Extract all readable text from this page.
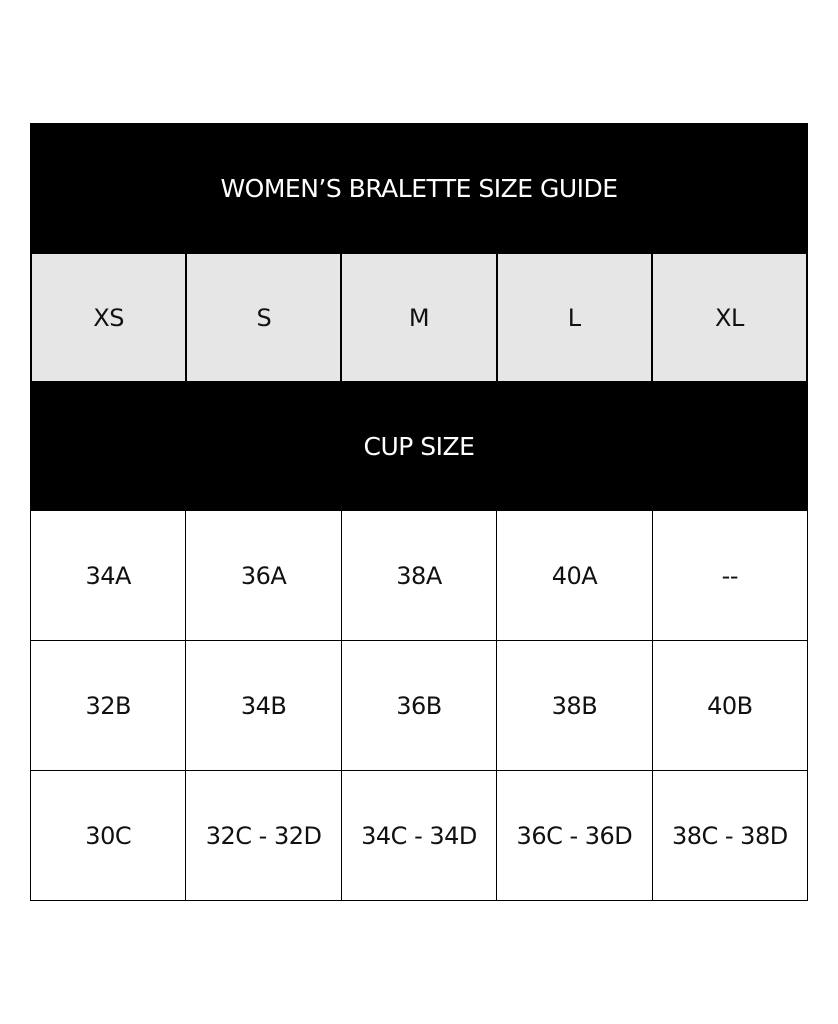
WOMEN’S BRALETTE SIZE GUIDE
XS	S	M	L	XL
CUP SIZE
34A	36A	38A	40A	--
32B	34B	36B	38B	40B
30C	32C - 32D	34C - 34D	36C - 36D	38C - 38D
